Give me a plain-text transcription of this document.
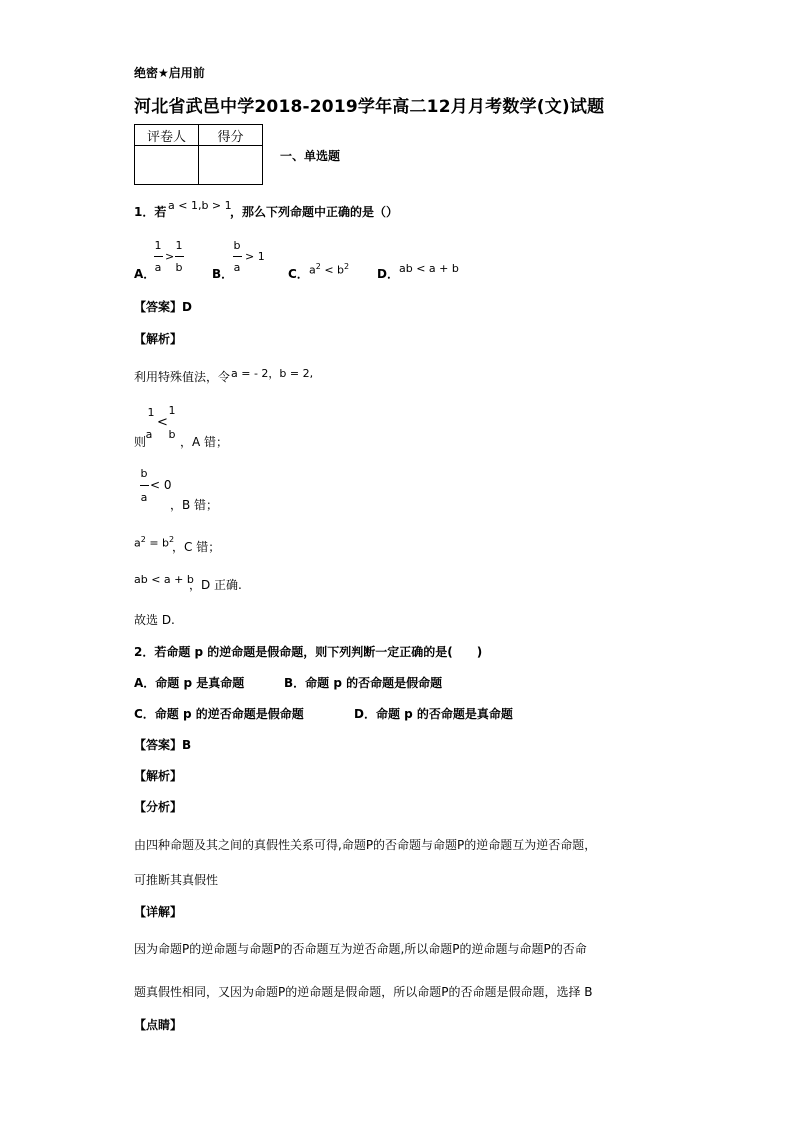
绝密★启用前
河北省武邑中学2018-2019学年高二12月月考数学(文)试题
评卷人	得分

一、单选题
1．若 a < 1,b > 1
，那么下列命题中正确的是（）
A．
1
a
>
1
b B．
b
a
> 1
C． $a^2 < b^2$
D． ab < a + b
【答案】D
【解析】
利用特殊值法，令 a = - 2，b = 2,
则
1
a
<
1
b
，A 错；
b
a
< 0
，B 错；
$a^2 = b^2$
，C 错；
ab < a + b
，D 正确.
故选 D.
2．若命题 p 的逆命题是假命题，则下列判断一定正确的是(　　)
A．命题 p 是真命题	B．命题 p 的否命题是假命题
C．命题 p 的逆否命题是假命题	D．命题 p 的否命题是真命题
【答案】B
【解析】
【分析】
由四种命题及其之间的真假性关系可得,命题P的否命题与命题P的逆命题互为逆否命题，
可推断其真假性
【详解】
因为命题P的逆命题与命题P的否命题互为逆否命题,所以命题P的逆命题与命题P的否命
题真假性相同，又因为命题P的逆命题是假命题，所以命题P的否命题是假命题，选择 B
【点睛】
